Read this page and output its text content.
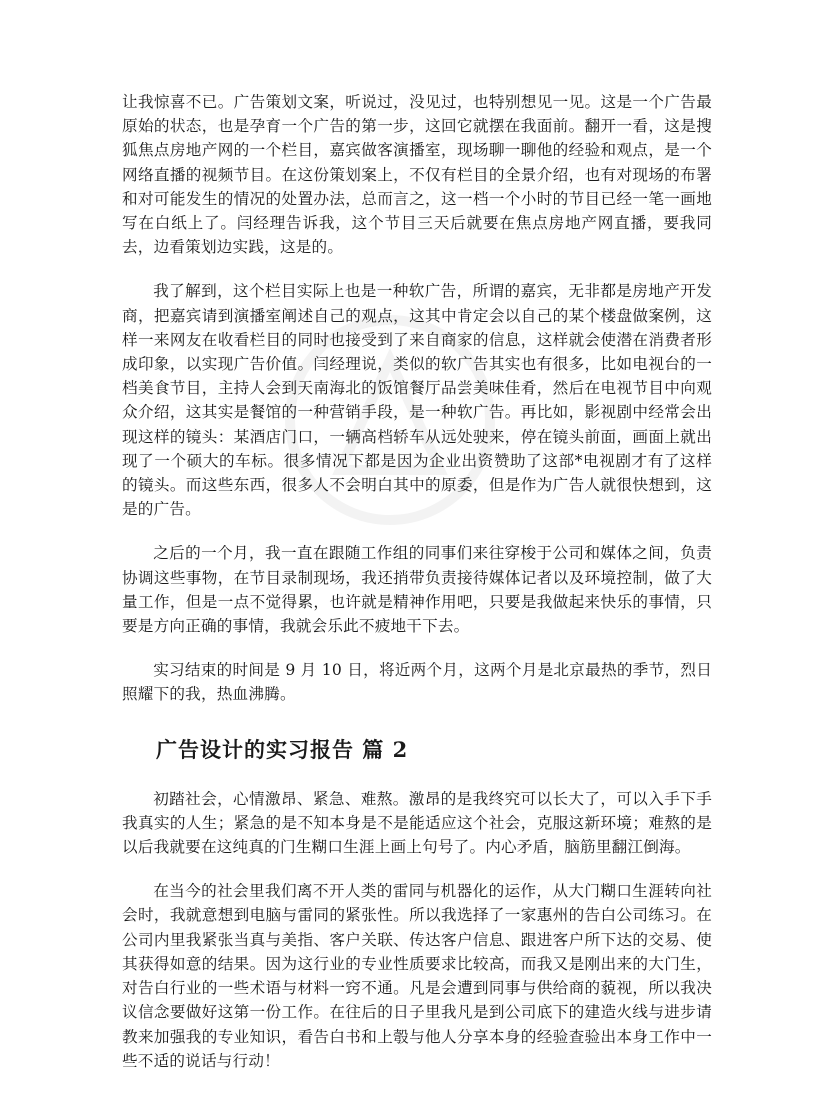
让我惊喜不已。广告策划文案，听说过，没见过，也特别想见一见。这是一个广告最原始的状态，也是孕育一个广告的第一步，这回它就摆在我面前。翻开一看，这是搜狐焦点房地产网的一个栏目，嘉宾做客演播室，现场聊一聊他的经验和观点，是一个网络直播的视频节目。在这份策划案上，不仅有栏目的全景介绍，也有对现场的布署和对可能发生的情况的处置办法，总而言之，这一档一个小时的节目已经一笔一画地写在白纸上了。闫经理告诉我，这个节目三天后就要在焦点房地产网直播，要我同去，边看策划边实践，这是的。

我了解到，这个栏目实际上也是一种软广告，所谓的嘉宾，无非都是房地产开发商，把嘉宾请到演播室阐述自己的观点，这其中肯定会以自己的某个楼盘做案例，这样一来网友在收看栏目的同时也接受到了来自商家的信息，这样就会使潜在消费者形成印象，以实现广告价值。闫经理说，类似的软广告其实也有很多，比如电视台的一档美食节目，主持人会到天南海北的饭馆餐厅品尝美味佳肴，然后在电视节目中向观众介绍，这其实是餐馆的一种营销手段，是一种软广告。再比如，影视剧中经常会出现这样的镜头：某酒店门口，一辆高档轿车从远处驶来，停在镜头前面，画面上就出现了一个硕大的车标。很多情况下都是因为企业出资赞助了这部*电视剧才有了这样的镜头。而这些东西，很多人不会明白其中的原委，但是作为广告人就很快想到，这是的广告。

之后的一个月，我一直在跟随工作组的同事们来往穿梭于公司和媒体之间，负责协调这些事物，在节目录制现场，我还捎带负责接待媒体记者以及环境控制，做了大量工作，但是一点不觉得累，也许就是精神作用吧，只要是我做起来快乐的事情，只要是方向正确的事情，我就会乐此不疲地干下去。

实习结束的时间是 9 月 10 日，将近两个月，这两个月是北京最热的季节，烈日照耀下的我，热血沸腾。

广告设计的实习报告 篇 2

初踏社会，心情激昂、紧急、难熬。激昂的是我终究可以长大了，可以入手下手我真实的人生；紧急的是不知本身是不是能适应这个社会，克服这新环境；难熬的是以后我就要在这纯真的门生糊口生涯上画上句号了。内心矛盾，脑筋里翻江倒海。

在当今的社会里我们离不开人类的雷同与机器化的运作，从大门糊口生涯转向社会时，我就意想到电脑与雷同的紧张性。所以我选择了一家惠州的告白公司练习。在公司内里我紧张当真与美指、客户关联、传达客户信息、跟进客户所下达的交易、使其获得如意的结果。因为这行业的专业性质要求比较高，而我又是刚出来的大门生，对告白行业的一些术语与材料一窍不通。凡是会遭到同事与供给商的藐视，所以我决议信念要做好这第一份工作。在往后的日子里我凡是到公司底下的建造火线与进步请教来加强我的专业知识，看告白书和上彀与他人分享本身的经验查验出本身工作中一些不适的说话与行动！
